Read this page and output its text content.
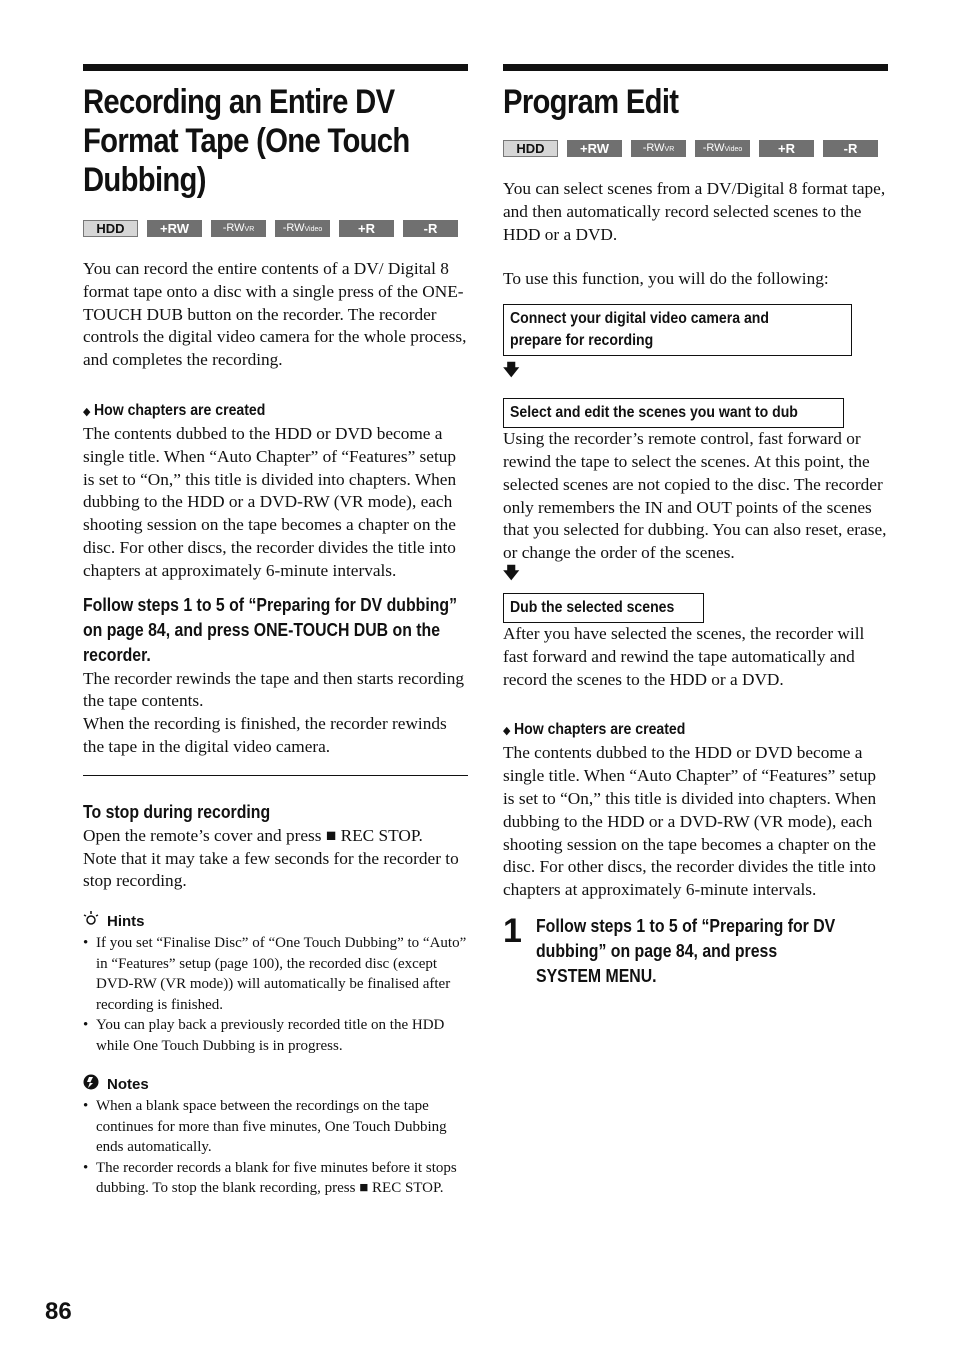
Recording an Entire DV Format Tape (One Touch Dubbing)
HDD	+RW	-RWVR	-RWVideo	+R	-R

You can record the entire contents of a DV/ Digital 8 format tape onto a disc with a single press of the ONE-TOUCH DUB button on the recorder. The recorder controls the digital video camera for the whole process, and completes the recording.

◆ How chapters are created

The contents dubbed to the HDD or DVD become a single title. When “Auto Chapter” of “Features” setup is set to “On,” this title is divided into chapters. When dubbing to the HDD or a DVD-RW (VR mode), each shooting session on the tape becomes a chapter on the disc. For other discs, the recorder divides the title into chapters at approximately 6-minute intervals.

Follow steps 1 to 5 of “Preparing for DV dubbing” on page 84, and press ONE-TOUCH DUB on the recorder.

The recorder rewinds the tape and then starts recording the tape contents.

When the recording is finished, the recorder rewinds the tape in the digital video camera.

To stop during recording

Open the remote’s cover and press ■ REC STOP.

Note that it may take a few seconds for the recorder to stop recording.

Hints
• If you set “Finalise Disc” of “One Touch Dubbing” to “Auto” in “Features” setup (page 100), the recorded disc (except DVD-RW (VR mode)) will automatically be finalised after recording is finished.
• You can play back a previously recorded title on the HDD while One Touch Dubbing is in progress.
Notes
• When a blank space between the recordings on the tape continues for more than five minutes, One Touch Dubbing ends automatically.
• The recorder records a blank for five minutes before it stops dubbing. To stop the blank recording, press ■ REC STOP.
Program Edit
HDD	+RW	-RWVR	-RWVideo	+R	-R

You can select scenes from a DV/Digital 8 format tape, and then automatically record selected scenes to the HDD or a DVD.

To use this function, you will do the following:

Connect your digital video camera and prepare for recording
🡇
Select and edit the scenes you want to dub

Using the recorder’s remote control, fast forward or rewind the tape to select the scenes. At this point, the selected scenes are not copied to the disc. The recorder only remembers the IN and OUT points of the scenes that you selected for dubbing. You can also reset, erase, or change the order of the scenes.

🡇
Dub the selected scenes

After you have selected the scenes, the recorder will fast forward and rewind the tape automatically and record the scenes to the HDD or a DVD.

◆ How chapters are created

The contents dubbed to the HDD or DVD become a single title. When “Auto Chapter” of “Features” setup is set to “On,” this title is divided into chapters. When dubbing to the HDD or a DVD-RW (VR mode), each shooting session on the tape becomes a chapter on the disc. For other discs, the recorder divides the title into chapters at approximately 6-minute intervals.

1 Follow steps 1 to 5 of “Preparing for DV dubbing” on page 84, and press SYSTEM MENU.
86
